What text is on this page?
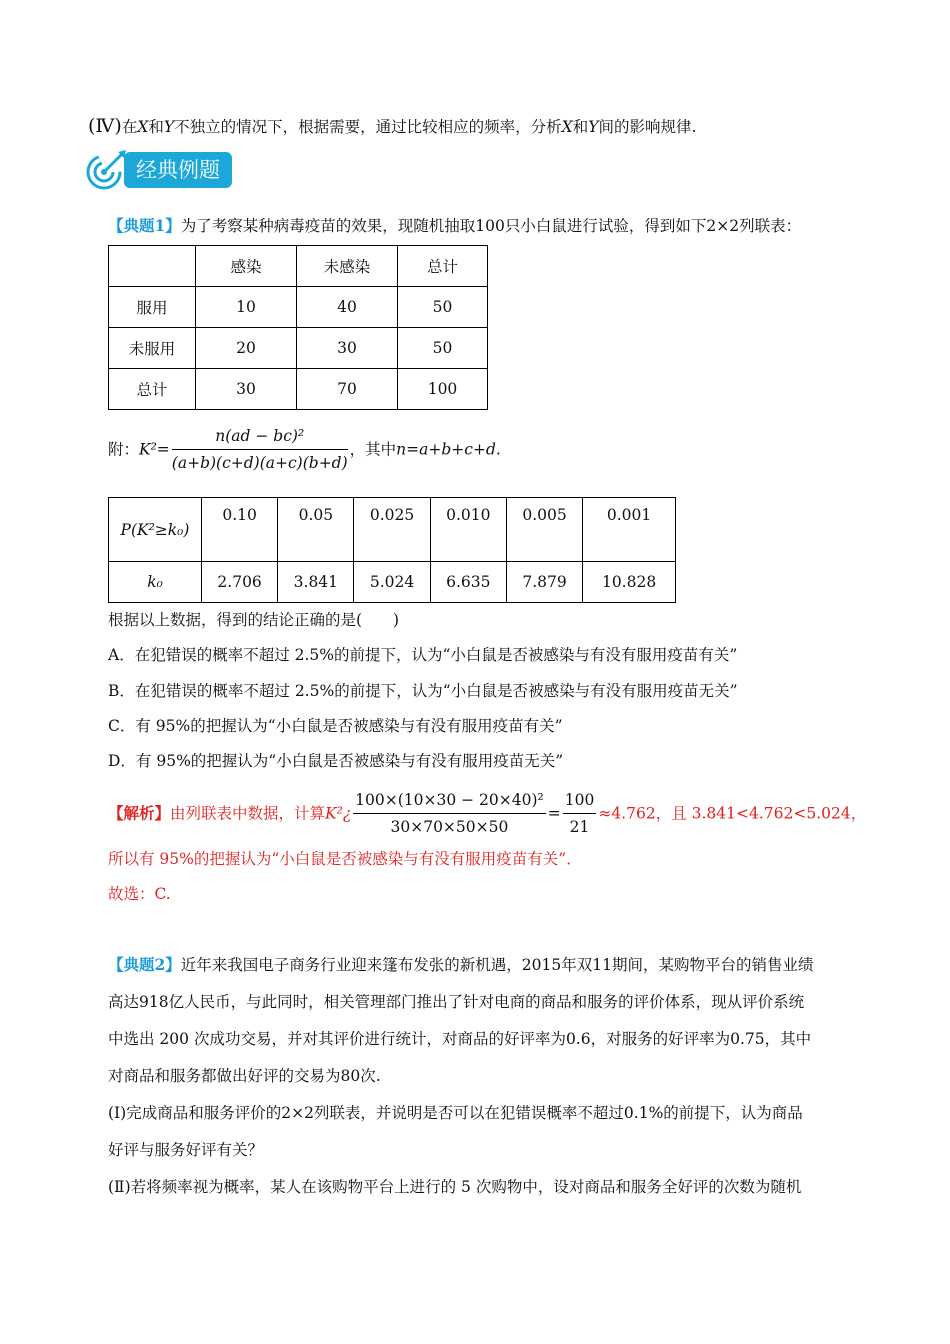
(Ⅳ)在X和Y不独立的情况下，根据需要，通过比较相应的频率，分析X和Y间的影响规律.
经典例题
【典题1】为了考察某种病毒疫苗的效果，现随机抽取100只小白鼠进行试验，得到如下2×2列联表：
	感染	未感染	总计
服用	10	40	50
未服用	20	30	50
总计	30	70	100
附：$K^2= \frac{\text{n(ad − bc)²}}{(a+b)(c+d)(a+c)(b+d)}$ ，其中n=a+b+c+d.
P(K²≥k₀)	0.10	0.05	0.025	0.010	0.005	0.001
k₀	2.706	3.841	5.024	6.635	7.879	10.828
根据以上数据，得到的结论正确的是(　　)
A．在犯错误的概率不超过 2.5%的前提下，认为“小白鼠是否被感染与有没有服用疫苗有关”
B．在犯错误的概率不超过 2.5%的前提下，认为“小白鼠是否被感染与有没有服用疫苗无关”
C．有 95%的把握认为“小白鼠是否被感染与有没有服用疫苗有关”
D．有 95%的把握认为“小白鼠是否被感染与有没有服用疫苗无关”
【解析】由列联表中数据，计算K²¿ $\frac{\text{100×(10×30 − 20×40)²}}{30\times 70\times 50\times 50} = \frac{100}{21} \approx 4.762$，且 3.841<4.762<5.024，
所以有 95%的把握认为“小白鼠是否被感染与有没有服用疫苗有关”．
故选：C.
【典题2】近年来我国电子商务行业迎来篷布发张的新机遇，2015年双11期间，某购物平台的销售业绩
高达918亿人民币，与此同时，相关管理部门推出了针对电商的商品和服务的评价体系，现从评价系统
中选出 200 次成功交易，并对其评价进行统计，对商品的好评率为0.6，对服务的好评率为0.75，其中
对商品和服务都做出好评的交易为80次.
(Ⅰ)完成商品和服务评价的2×2列联表，并说明是否可以在犯错误概率不超过0.1%的前提下，认为商品
好评与服务好评有关？
(Ⅱ)若将频率视为概率，某人在该购物平台上进行的 5 次购物中，设对商品和服务全好评的次数为随机
